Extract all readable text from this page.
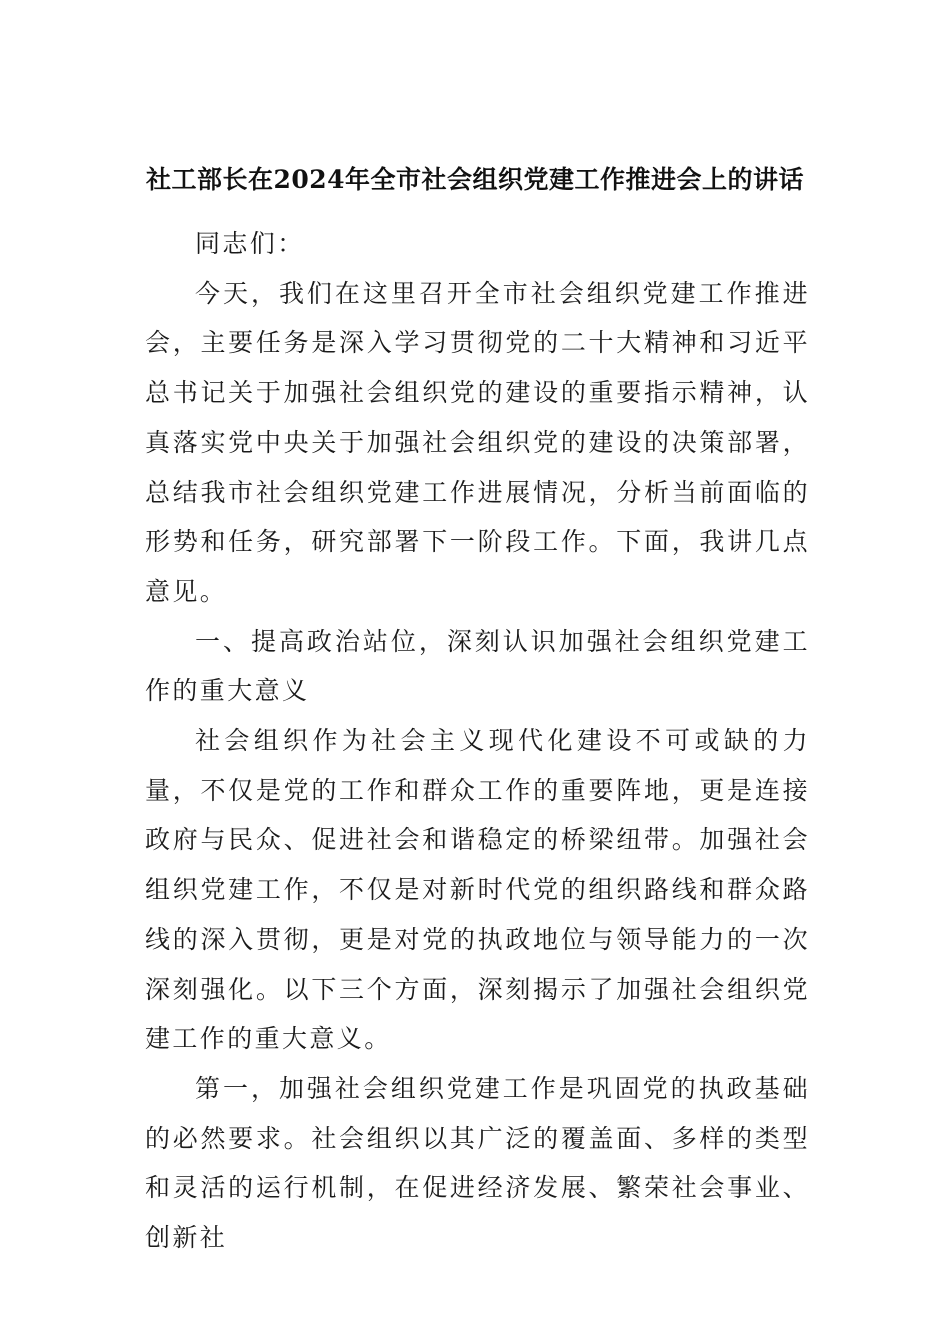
社工部长在2024年全市社会组织党建工作推进会上的讲话

同志们：

今天，我们在这里召开全市社会组织党建工作推进会，主要任务是深入学习贯彻党的二十大精神和习近平总书记关于加强社会组织党的建设的重要指示精神，认真落实党中央关于加强社会组织党的建设的决策部署，总结我市社会组织党建工作进展情况，分析当前面临的形势和任务，研究部署下一阶段工作。下面，我讲几点意见。

一、提高政治站位，深刻认识加强社会组织党建工作的重大意义

社会组织作为社会主义现代化建设不可或缺的力量，不仅是党的工作和群众工作的重要阵地，更是连接政府与民众、促进社会和谐稳定的桥梁纽带。加强社会组织党建工作，不仅是对新时代党的组织路线和群众路线的深入贯彻，更是对党的执政地位与领导能力的一次深刻强化。以下三个方面，深刻揭示了加强社会组织党建工作的重大意义。

第一，加强社会组织党建工作是巩固党的执政基础的必然要求。社会组织以其广泛的覆盖面、多样的类型和灵活的运行机制，在促进经济发展、繁荣社会事业、创新社
